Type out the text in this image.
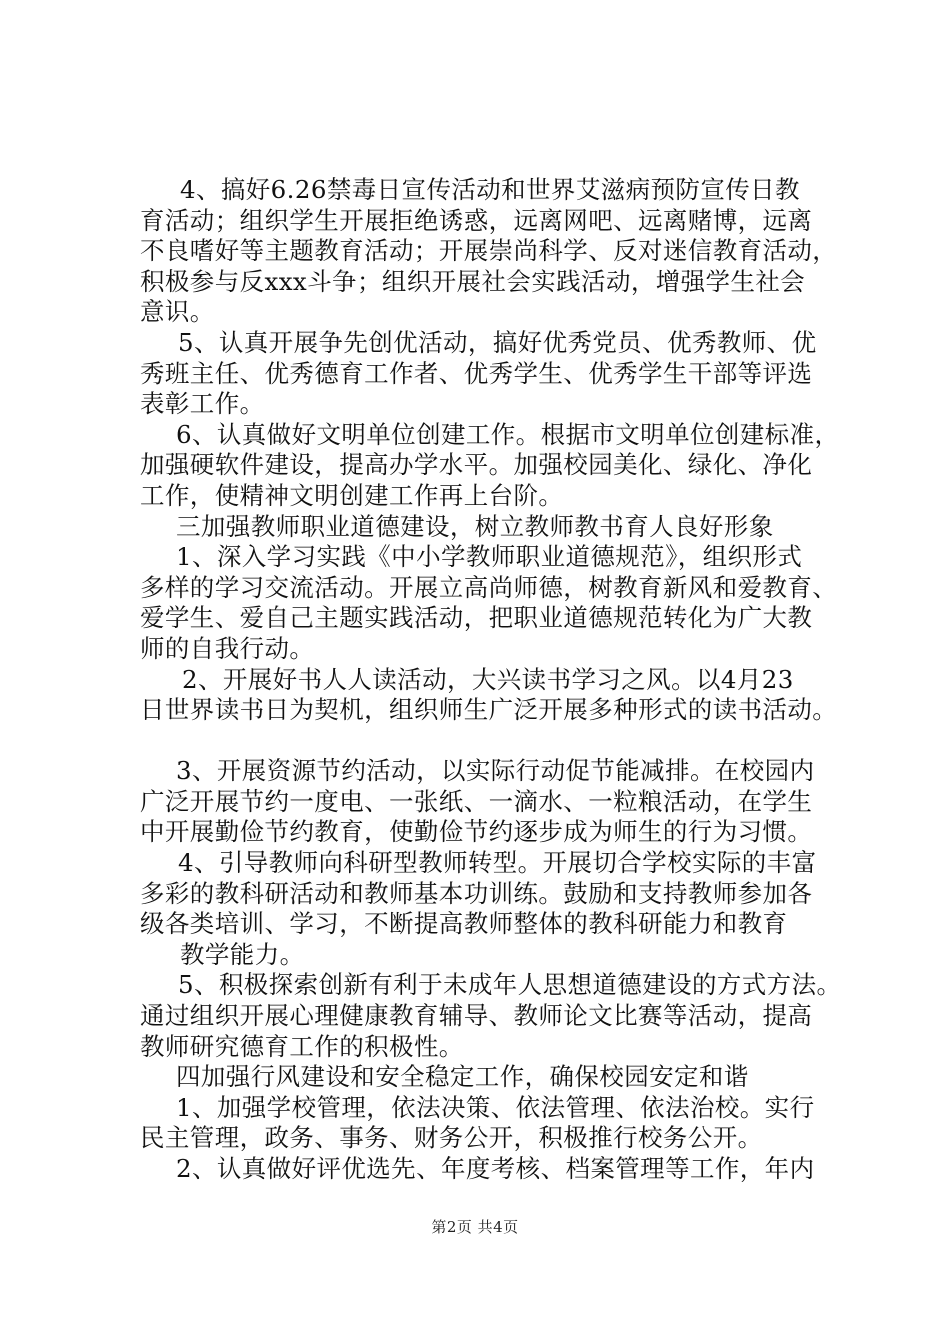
4、搞好6.26禁毒日宣传活动和世界艾滋病预防宣传日教
育活动；组织学生开展拒绝诱惑，远离网吧、远离赌博，远离
不良嗜好等主题教育活动；开展崇尚科学、反对迷信教育活动，
积极参与反xxx斗争；组织开展社会实践活动，增强学生社会
意识。
5、认真开展争先创优活动，搞好优秀党员、优秀教师、优
秀班主任、优秀德育工作者、优秀学生、优秀学生干部等评选
表彰工作。
6、认真做好文明单位创建工作。根据市文明单位创建标准，
加强硬软件建设，提高办学水平。加强校园美化、绿化、净化
工作，使精神文明创建工作再上台阶。
三加强教师职业道德建设，树立教师教书育人良好形象
1、深入学习实践《中小学教师职业道德规范》，组织形式
多样的学习交流活动。开展立高尚师德，树教育新风和爱教育、
爱学生、爱自己主题实践活动，把职业道德规范转化为广大教
师的自我行动。
2、开展好书人人读活动，大兴读书学习之风。以4月23
日世界读书日为契机，组织师生广泛开展多种形式的读书活动。
3、开展资源节约活动，以实际行动促节能减排。在校园内
广泛开展节约一度电、一张纸、一滴水、一粒粮活动，在学生
中开展勤俭节约教育，使勤俭节约逐步成为师生的行为习惯。
4、引导教师向科研型教师转型。开展切合学校实际的丰富
多彩的教科研活动和教师基本功训练。鼓励和支持教师参加各
级各类培训、学习，不断提高教师整体的教科研能力和教育
教学能力。
5、积极探索创新有利于未成年人思想道德建设的方式方法。
通过组织开展心理健康教育辅导、教师论文比赛等活动，提高
教师研究德育工作的积极性。
四加强行风建设和安全稳定工作，确保校园安定和谐
1、加强学校管理，依法决策、依法管理、依法治校。实行
民主管理，政务、事务、财务公开，积极推行校务公开。
2、认真做好评优选先、年度考核、档案管理等工作，年内
第2页 共4页
